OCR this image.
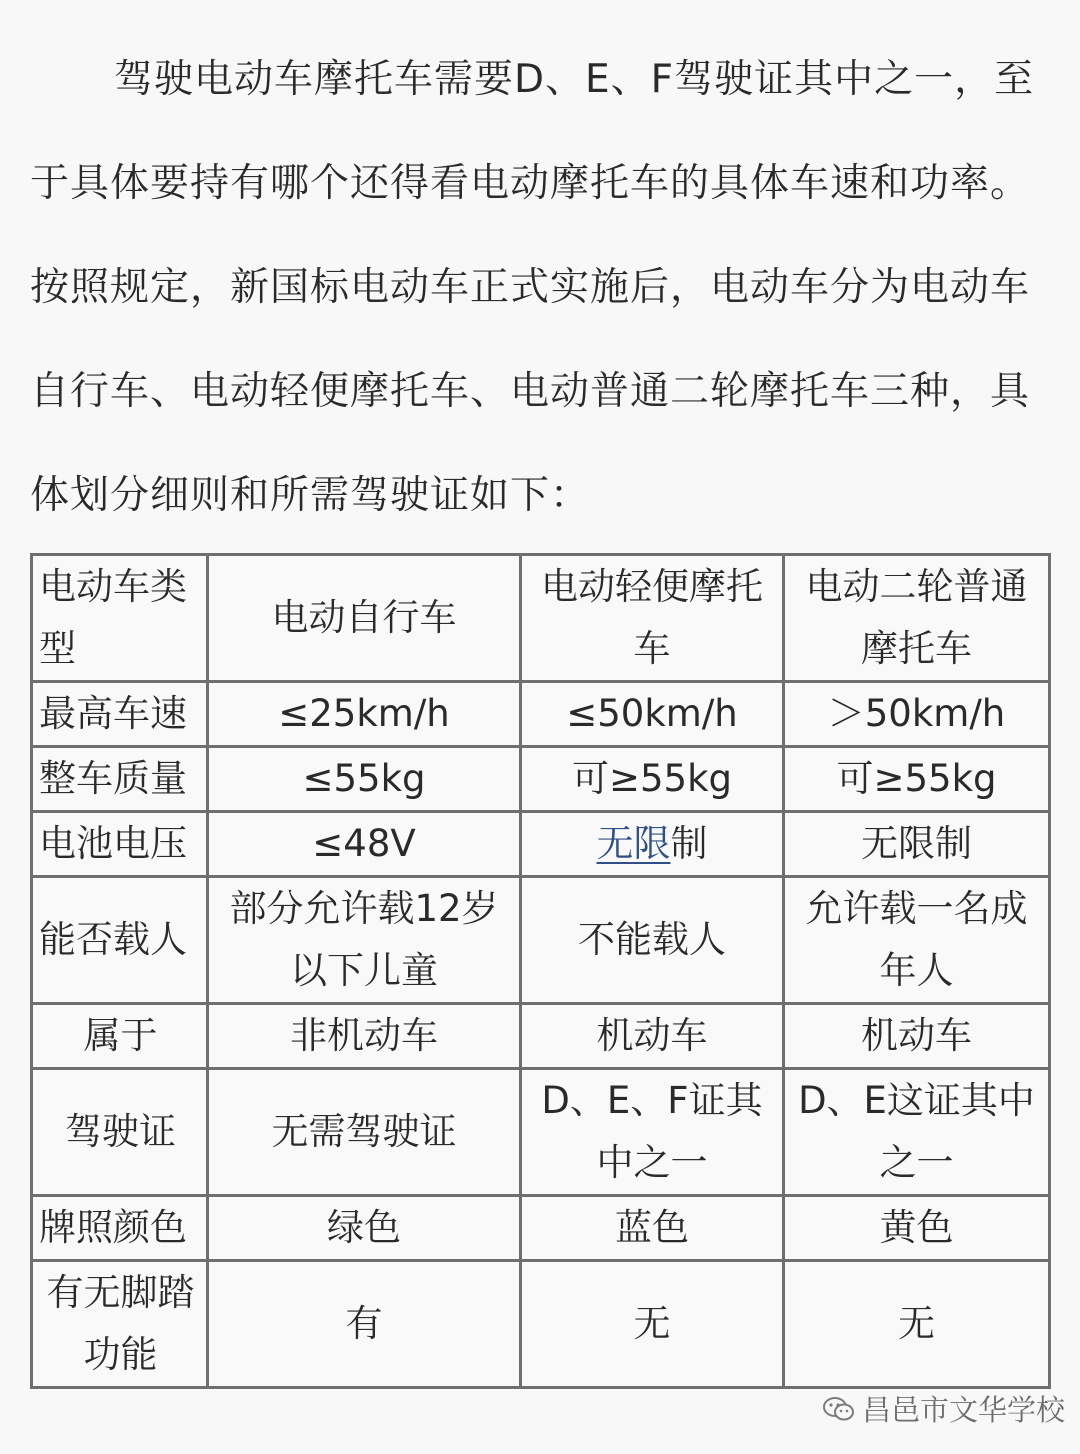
驾驶电动车摩托车需要D、E、F驾驶证其中之一，至于具体要持有哪个还得看电动摩托车的具体车速和功率。按照规定，新国标电动车正式实施后，电动车分为电动车自行车、电动轻便摩托车、电动普通二轮摩托车三种，具体划分细则和所需驾驶证如下：

电动车类型	电动自行车	电动轻便摩托车	电动二轮普通摩托车
最高车速	≤25km/h	≤50km/h	＞50km/h
整车质量	≤55kg	可≥55kg	可≥55kg
电池电压	≤48V	无限制	无限制
能否载人	部分允许载12岁以下儿童	不能载人	允许载一名成年人
属于	非机动车	机动车	机动车
驾驶证	无需驾驶证	D、E、F证其中之一	D、E这证其中之一
牌照颜色	绿色	蓝色	黄色
有无脚踏功能	有	无	无
昌邑市文华学校
